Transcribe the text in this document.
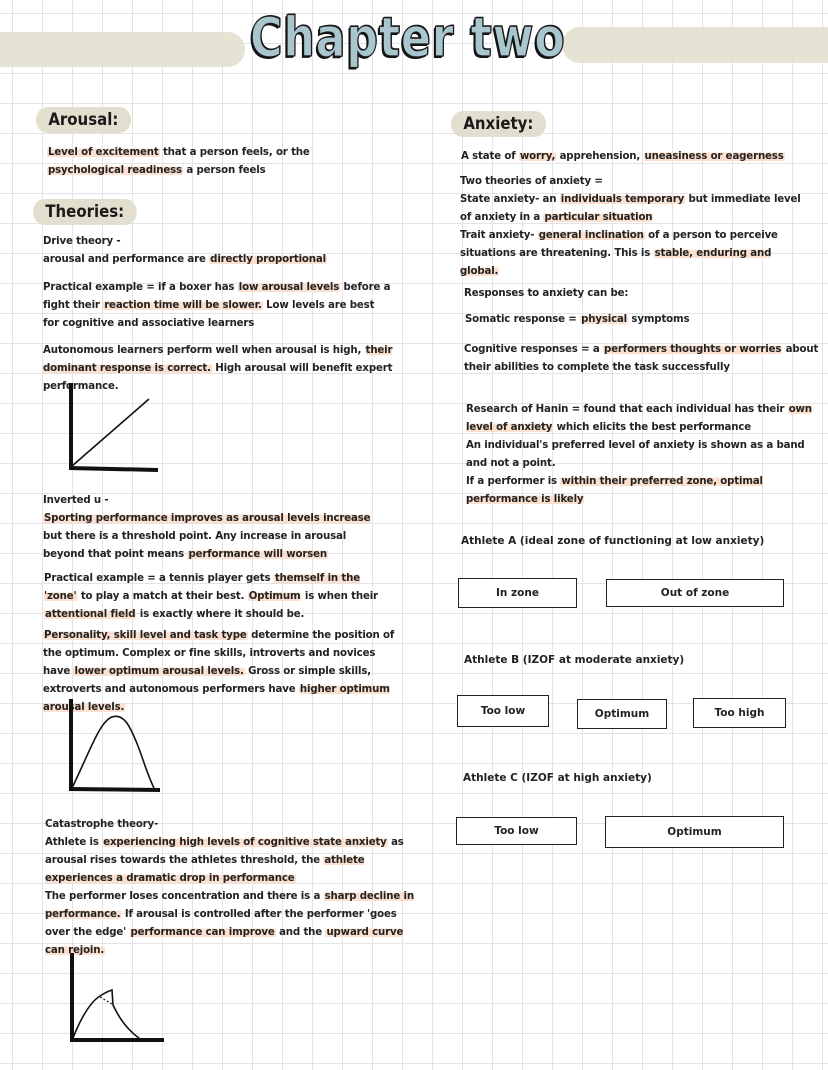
Chapter two
Arousal:
Level of excitement that a person feels, or the psychological readiness a person feels
Theories:

Drive theory -

arousal and performance are directly proportional

Practical example = if a boxer has low arousal levels before a fight their reaction time will be slower. Low levels are best for cognitive and associative learners
Autonomous learners perform well when arousal is high, their dominant response is correct. High arousal will benefit expert performance.

Inverted u -

Sporting performance improves as arousal levels increase but there is a threshold point. Any increase in arousal beyond that point means performance will worsen

Practical example = a tennis player gets themself in the 'zone' to play a match at their best. Optimum is when their attentional field is exactly where it should be.
Personality, skill level and task type determine the position of the optimum. Complex or fine skills, introverts and novices have lower optimum arousal levels. Gross or simple skills, extroverts and autonomous performers have higher optimum arousal levels.

Catastrophe theory-

Athlete is experiencing high levels of cognitive state anxiety as arousal rises towards the athletes threshold, the athlete experiences a dramatic drop in performance

The performer loses concentration and there is a sharp decline in performance. If arousal is controlled after the performer 'goes over the edge' performance can improve and the upward curve can rejoin.

Anxiety:
A state of worry, apprehension, uneasiness or eagerness

Two theories of anxiety =

State anxiety- an individuals temporary but immediate level of anxiety in a particular situation

Trait anxiety- general inclination of a person to perceive situations are threatening. This is stable, enduring and global.

Responses to anxiety can be:
Somatic response = physical symptoms
Cognitive responses = a performers thoughts or worries about their abilities to complete the task successfully

Research of Hanin = found that each individual has their own level of anxiety which elicits the best performance

An individual's preferred level of anxiety is shown as a band and not a point.

If a performer is within their preferred zone, optimal performance is likely

Athlete A (ideal zone of functioning at low anxiety)
In zone	Out of zone
Athlete B (IZOF at moderate anxiety)
Too low	Optimum	Too high
Athlete C (IZOF at high anxiety)
Too low	Optimum
